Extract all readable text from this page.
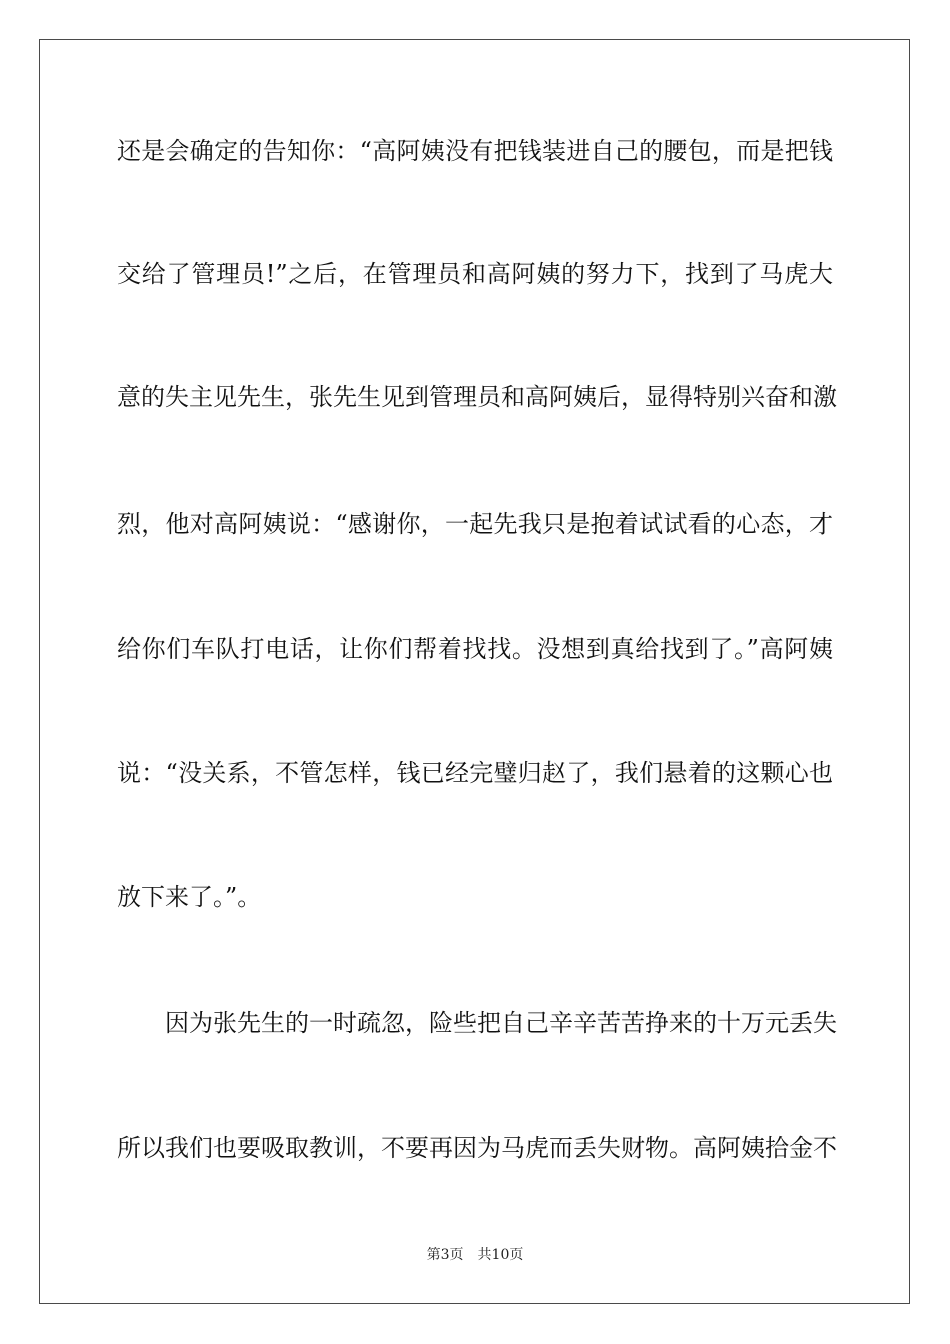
还是会确定的告知你：“高阿姨没有把钱装进自己的腰包，而是把钱
交给了管理员!”之后，在管理员和高阿姨的努力下，找到了马虎大
意的失主见先生，张先生见到管理员和高阿姨后，显得特别兴奋和激
烈，他对高阿姨说：“感谢你，一起先我只是抱着试试看的心态，才
给你们车队打电话，让你们帮着找找。没想到真给找到了。”高阿姨
说：“没关系，不管怎样，钱已经完璧归赵了，我们悬着的这颗心也
放下来了。”。
因为张先生的一时疏忽，险些把自己辛辛苦苦挣来的十万元丢失
所以我们也要吸取教训，不要再因为马虎而丢失财物。高阿姨拾金不
第3页 共10页
